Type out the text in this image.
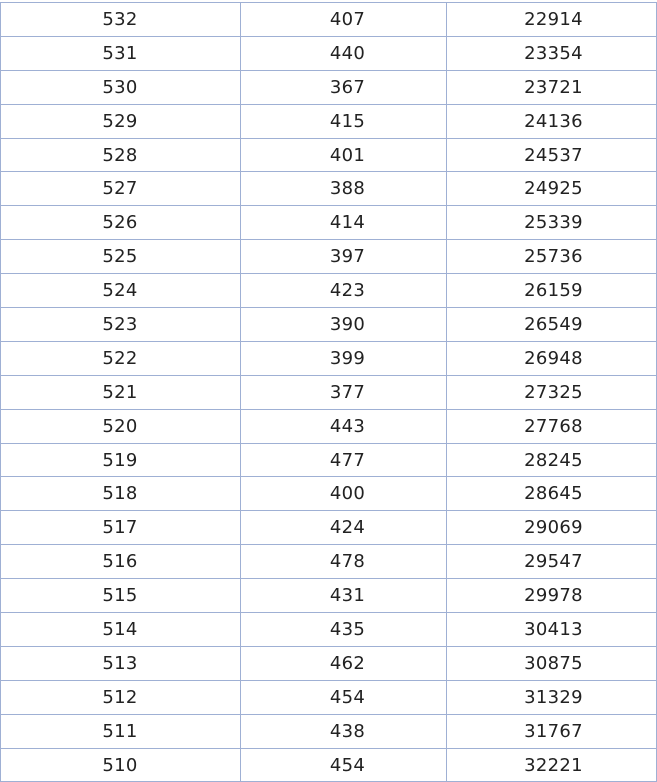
532	407	22914
531	440	23354
530	367	23721
529	415	24136
528	401	24537
527	388	24925
526	414	25339
525	397	25736
524	423	26159
523	390	26549
522	399	26948
521	377	27325
520	443	27768
519	477	28245
518	400	28645
517	424	29069
516	478	29547
515	431	29978
514	435	30413
513	462	30875
512	454	31329
511	438	31767
510	454	32221
